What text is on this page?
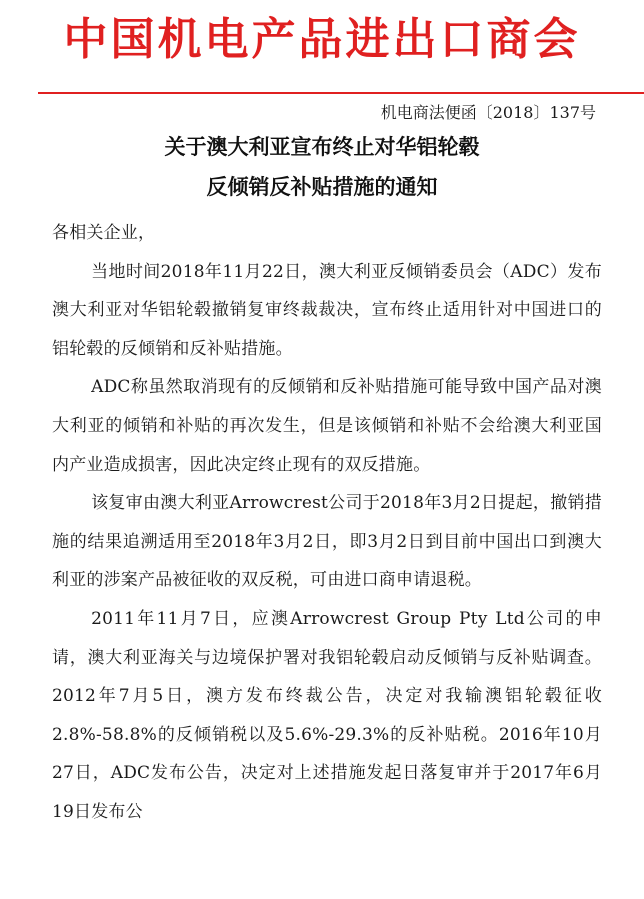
中国机电产品进出口商会
机电商法便函〔2018〕137号
关于澳大利亚宣布终止对华铝轮毂
反倾销反补贴措施的通知

各相关企业，

当地时间2018年11月22日，澳大利亚反倾销委员会（ADC）发布澳大利亚对华铝轮毂撤销复审终裁裁决，宣布终止适用针对中国进口的铝轮毂的反倾销和反补贴措施。

ADC称虽然取消现有的反倾销和反补贴措施可能导致中国产品对澳大利亚的倾销和补贴的再次发生，但是该倾销和补贴不会给澳大利亚国内产业造成损害，因此决定终止现有的双反措施。

该复审由澳大利亚Arrowcrest公司于2018年3月2日提起，撤销措施的结果追溯适用至2018年3月2日，即3月2日到目前中国出口到澳大利亚的涉案产品被征收的双反税，可由进口商申请退税。

2011年11月7日，应澳Arrowcrest Group Pty Ltd公司的申请，澳大利亚海关与边境保护署对我铝轮毂启动反倾销与反补贴调查。2012年7月5日，澳方发布终裁公告，决定对我输澳铝轮毂征收2.8%-58.8%的反倾销税以及5.6%-29.3%的反补贴税。2016年10月27日，ADC发布公告，决定对上述措施发起日落复审并于2017年6月19日发布公
